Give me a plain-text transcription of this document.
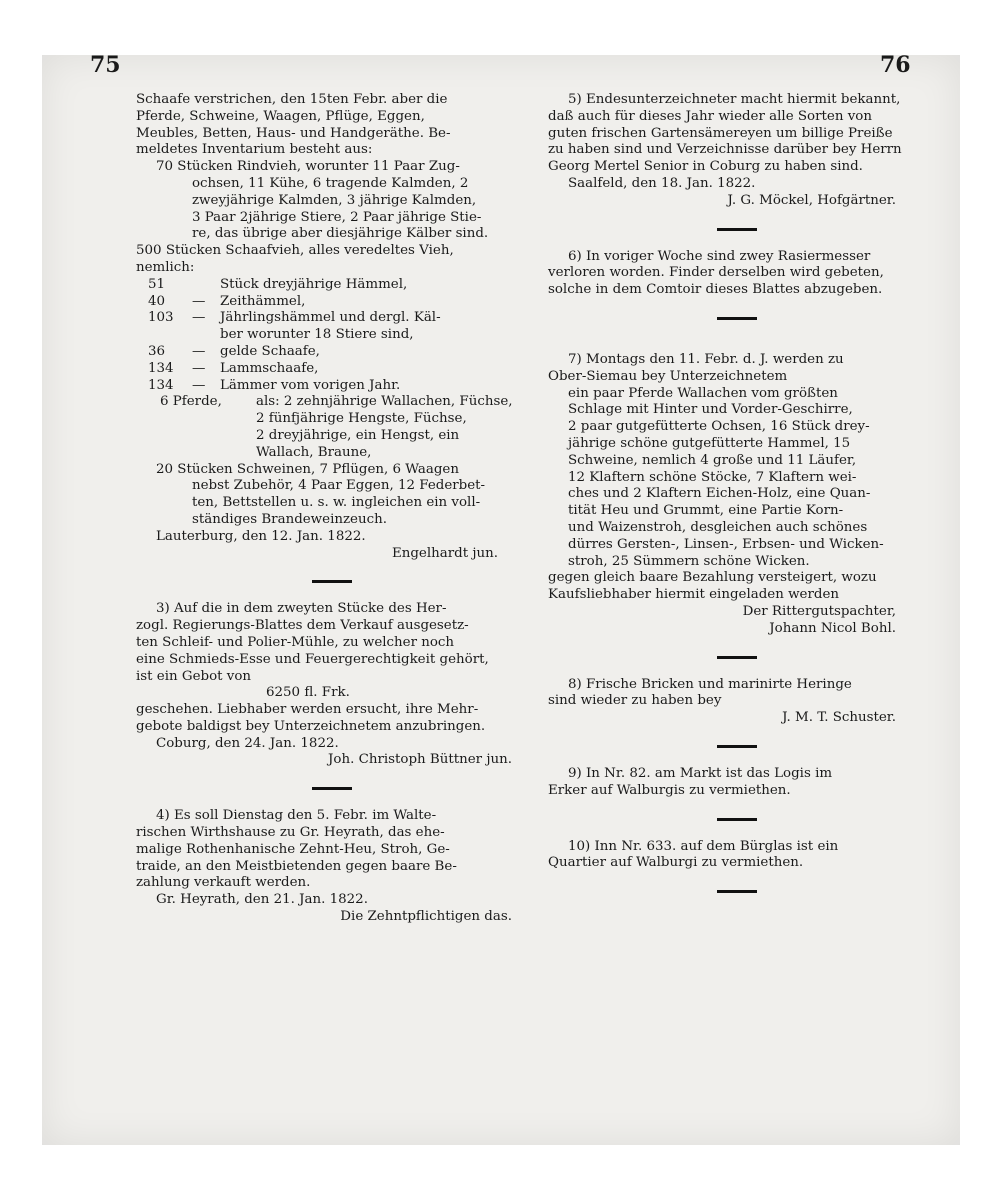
75	76

Schaafe verstrichen, den 15ten Febr. aber die

Pferde, Schweine, Waagen, Pflüge, Eggen,

Meubles, Betten, Haus- und Handgeräthe. Be-

meldetes Inventarium besteht aus:

70 Stücken Rindvieh, worunter 11 Paar Zug-

ochsen, 11 Kühe, 6 tragende Kalmden, 2

zweyjährige Kalmden, 3 jährige Kalmden,

3 Paar 2jährige Stiere, 2 Paar jährige Stie-

re, das übrige aber diesjährige Kälber sind.

500 Stücken Schaafvieh, alles veredeltes Vieh,

nemlich:

51	Stück dreyjährige Hämmel,
40	—	Zeithämmel,
103	—	Jährlingshämmel und dergl. Käl-
ber worunter 18 Stiere sind,
36	—	gelde Schaafe,
134	—	Lammschaafe,
134	—	Lämmer vom vorigen Jahr.
6 Pferde,	als: 2 zehnjährige Wallachen, Füchse,
2 fünfjährige Hengste, Füchse,
2 dreyjährige, ein Hengst, ein
Wallach, Braune,

20 Stücken Schweinen, 7 Pflügen, 6 Waagen

nebst Zubehör, 4 Paar Eggen, 12 Federbet-

ten, Bettstellen u. s. w. ingleichen ein voll-

ständiges Brandeweinzeuch.

Lauterburg, den 12. Jan. 1822.

Engelhardt jun.

3) Auf die in dem zweyten Stücke des Her-

zogl. Regierungs-Blattes dem Verkauf ausgesetz-

ten Schleif- und Polier-Mühle, zu welcher noch

eine Schmieds-Esse und Feuergerechtigkeit gehört,

ist ein Gebot von

6250 fl. Frk.

geschehen. Liebhaber werden ersucht, ihre Mehr-

gebote baldigst bey Unterzeichnetem anzubringen.

Coburg, den 24. Jan. 1822.

Joh. Christoph Büttner jun.

4) Es soll Dienstag den 5. Febr. im Walte-

rischen Wirthshause zu Gr. Heyrath, das ehe-

malige Rothenhanische Zehnt-Heu, Stroh, Ge-

traide, an den Meistbietenden gegen baare Be-

zahlung verkauft werden.

Gr. Heyrath, den 21. Jan. 1822.

Die Zehntpflichtigen das.

5) Endesunterzeichneter macht hiermit bekannt,

daß auch für dieses Jahr wieder alle Sorten von

guten frischen Gartensämereyen um billige Preiße

zu haben sind und Verzeichnisse darüber bey Herrn

Georg Mertel Senior in Coburg zu haben sind.

Saalfeld, den 18. Jan. 1822.

J. G. Möckel, Hofgärtner.

6) In voriger Woche sind zwey Rasiermesser

verloren worden. Finder derselben wird gebeten,

solche in dem Comtoir dieses Blattes abzugeben.

7) Montags den 11. Febr. d. J. werden zu

Ober-Siemau bey Unterzeichnetem

ein paar Pferde Wallachen vom größten

Schlage mit Hinter und Vorder-Geschirre,

2 paar gutgefütterte Ochsen, 16 Stück drey-

jährige schöne gutgefütterte Hammel, 15

Schweine, nemlich 4 große und 11 Läufer,

12 Klaftern schöne Stöcke, 7 Klaftern wei-

ches und 2 Klaftern Eichen-Holz, eine Quan-

tität Heu und Grummt, eine Partie Korn-

und Waizenstroh, desgleichen auch schönes

dürres Gersten-, Linsen-, Erbsen- und Wicken-

stroh, 25 Sümmern schöne Wicken.

gegen gleich baare Bezahlung versteigert, wozu

Kaufsliebhaber hiermit eingeladen werden

Der Rittergutspachter,

Johann Nicol Bohl.

8) Frische Bricken und marinirte Heringe

sind wieder zu haben bey

J. M. T. Schuster.

9) In Nr. 82. am Markt ist das Logis im

Erker auf Walburgis zu vermiethen.

10) Inn Nr. 633. auf dem Bürglas ist ein

Quartier auf Walburgi zu vermiethen.
